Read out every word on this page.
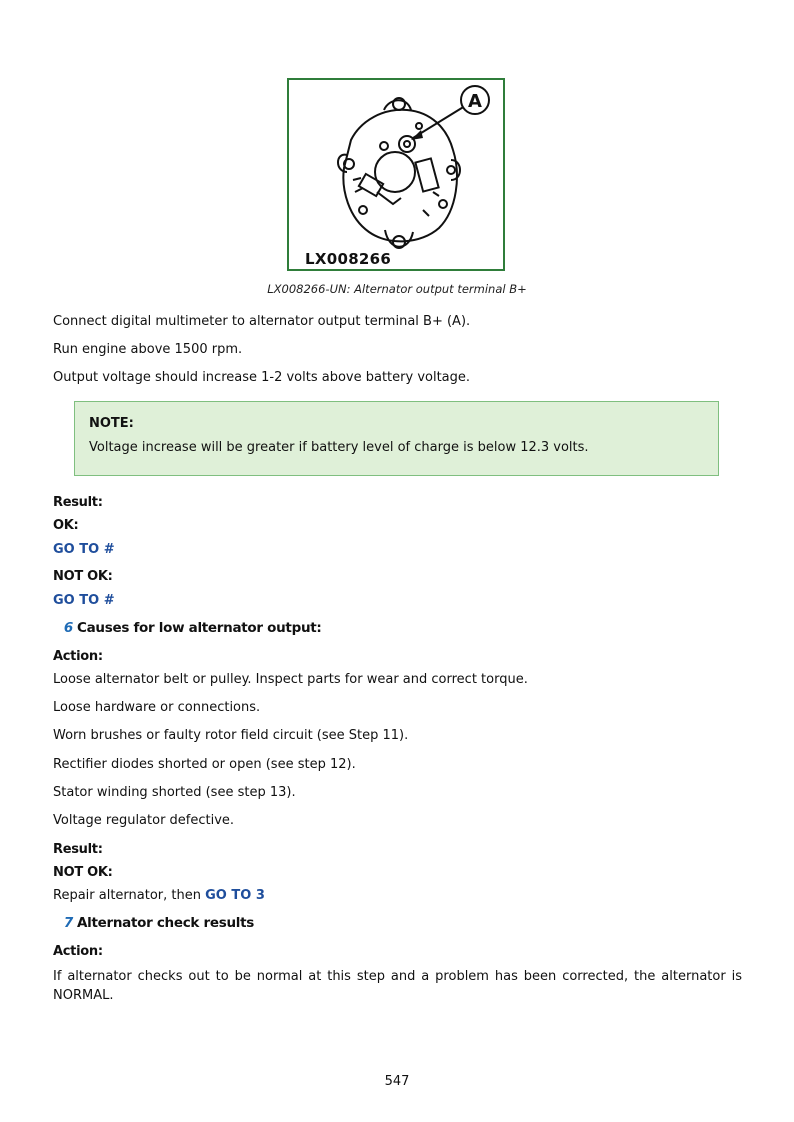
A
LX008266
LX008266-UN: Alternator output terminal B+
Connect digital multimeter to alternator output terminal B+ (A).
Run engine above 1500 rpm.
Output voltage should increase 1-2 volts above battery voltage.
NOTE:
Voltage increase will be greater if battery level of charge is below 12.3 volts.
Result:
OK:
GO TO #
NOT OK:
GO TO #
6 Causes for low alternator output:
Action:
Loose alternator belt or pulley. Inspect parts for wear and correct torque.
Loose hardware or connections.
Worn brushes or faulty rotor field circuit (see Step 11).
Rectifier diodes shorted or open (see step 12).
Stator winding shorted (see step 13).
Voltage regulator defective.
Result:
NOT OK:
Repair alternator, then GO TO 3
7 Alternator check results
Action:
If alternator checks out to be normal at this step and a problem has been corrected, the alternator is NORMAL.
547
